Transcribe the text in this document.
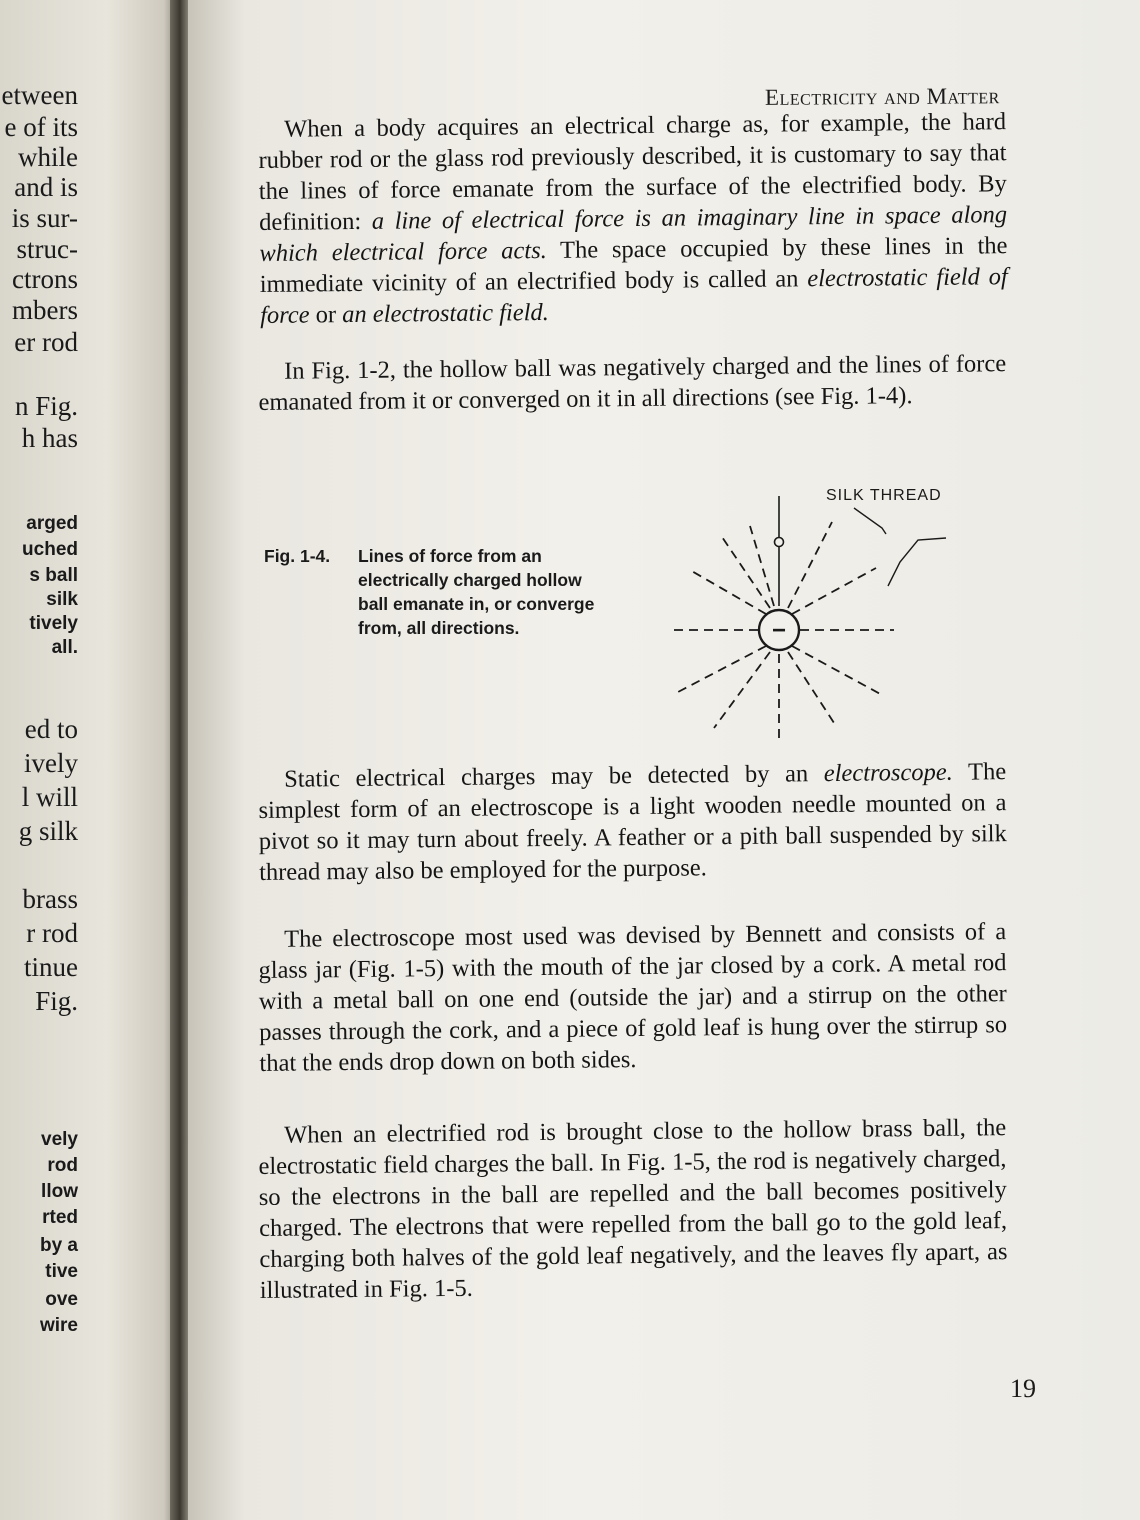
etween
e of its
while
and is
is sur-
struc-
ctrons
mbers
er rod
n Fig.
h has
arged
uched
s ball
silk
tively
all.
ed to
ively
l will
g silk
brass
r rod
tinue
Fig.
vely
rod
llow
rted
by a
tive
ove
wire
Electricity and Matter
When a body acquires an electrical charge as, for example, the hard rubber rod or the glass rod previously described, it is customary to say that the lines of force emanate from the surface of the electrified body. By definition: a line of electrical force is an imaginary line in space along which electrical force acts. The space occupied by these lines in the immediate vicinity of an electrified body is called an electrostatic field of force or an electrostatic field.
In Fig. 1-2, the hollow ball was negatively charged and the lines of force emanated from it or converged on it in all directions (see Fig. 1-4).
Fig. 1-4. Lines of force from an electrically charged hollow ball emanate in, or converge from, all directions.	−
SILK THREAD
Static electrical charges may be detected by an electroscope. The simplest form of an electroscope is a light wooden needle mounted on a pivot so it may turn about freely. A feather or a pith ball suspended by silk thread may also be employed for the purpose.
The electroscope most used was devised by Bennett and consists of a glass jar (Fig. 1-5) with the mouth of the jar closed by a cork. A metal rod with a metal ball on one end (outside the jar) and a stirrup on the other passes through the cork, and a piece of gold leaf is hung over the stirrup so that the ends drop down on both sides.
When an electrified rod is brought close to the hollow brass ball, the electrostatic field charges the ball. In Fig. 1-5, the rod is negatively charged, so the electrons in the ball are repelled and the ball becomes positively charged. The electrons that were repelled from the ball go to the gold leaf, charging both halves of the gold leaf negatively, and the leaves fly apart, as illustrated in Fig. 1-5.
19
